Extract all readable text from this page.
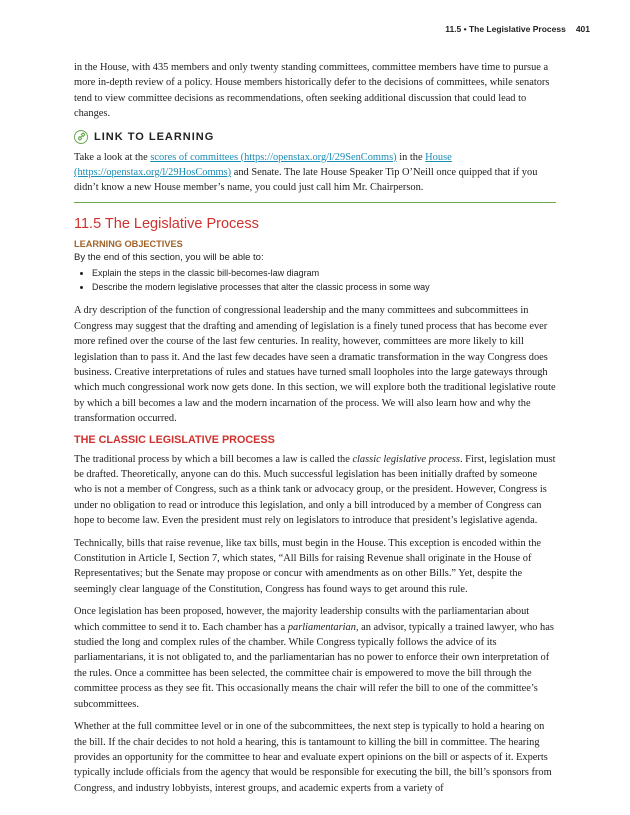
11.5 • The Legislative Process 401

in the House, with 435 members and only twenty standing committees, committee members have time to pursue a more in-depth review of a policy. House members historically defer to the decisions of committees, while senators tend to view committee decisions as recommendations, often seeking additional discussion that could lead to changes.

LINK TO LEARNING

Take a look at the scores of committees (https://openstax.org/l/29SenComms) in the House (https://openstax.org/l/29HosComms) and Senate. The late House Speaker Tip O’Neill once quipped that if you didn’t know a new House member’s name, you could just call him Mr. Chairperson.

11.5 The Legislative Process
LEARNING OBJECTIVES
By the end of this section, you will be able to:
• Explain the steps in the classic bill-becomes-law diagram
• Describe the modern legislative processes that alter the classic process in some way

A dry description of the function of congressional leadership and the many committees and subcommittees in Congress may suggest that the drafting and amending of legislation is a finely tuned process that has become ever more refined over the course of the last few centuries. In reality, however, committees are more likely to kill legislation than to pass it. And the last few decades have seen a dramatic transformation in the way Congress does business. Creative interpretations of rules and statues have turned small loopholes into the large gateways through which much congressional work now gets done. In this section, we will explore both the traditional legislative route by which a bill becomes a law and the modern incarnation of the process. We will also learn how and why the transformation occurred.

THE CLASSIC LEGISLATIVE PROCESS

The traditional process by which a bill becomes a law is called the classic legislative process. First, legislation must be drafted. Theoretically, anyone can do this. Much successful legislation has been initially drafted by someone who is not a member of Congress, such as a think tank or advocacy group, or the president. However, Congress is under no obligation to read or introduce this legislation, and only a bill introduced by a member of Congress can hope to become law. Even the president must rely on legislators to introduce that president’s legislative agenda.

Technically, bills that raise revenue, like tax bills, must begin in the House. This exception is encoded within the Constitution in Article I, Section 7, which states, “All Bills for raising Revenue shall originate in the House of Representatives; but the Senate may propose or concur with amendments as on other Bills.” Yet, despite the seemingly clear language of the Constitution, Congress has found ways to get around this rule.

Once legislation has been proposed, however, the majority leadership consults with the parliamentarian about which committee to send it to. Each chamber has a parliamentarian, an advisor, typically a trained lawyer, who has studied the long and complex rules of the chamber. While Congress typically follows the advice of its parliamentarians, it is not obligated to, and the parliamentarian has no power to enforce their own interpretation of the rules. Once a committee has been selected, the committee chair is empowered to move the bill through the committee process as they see fit. This occasionally means the chair will refer the bill to one of the committee’s subcommittees.

Whether at the full committee level or in one of the subcommittees, the next step is typically to hold a hearing on the bill. If the chair decides to not hold a hearing, this is tantamount to killing the bill in committee. The hearing provides an opportunity for the committee to hear and evaluate expert opinions on the bill or aspects of it. Experts typically include officials from the agency that would be responsible for executing the bill, the bill’s sponsors from Congress, and industry lobbyists, interest groups, and academic experts from a variety of
